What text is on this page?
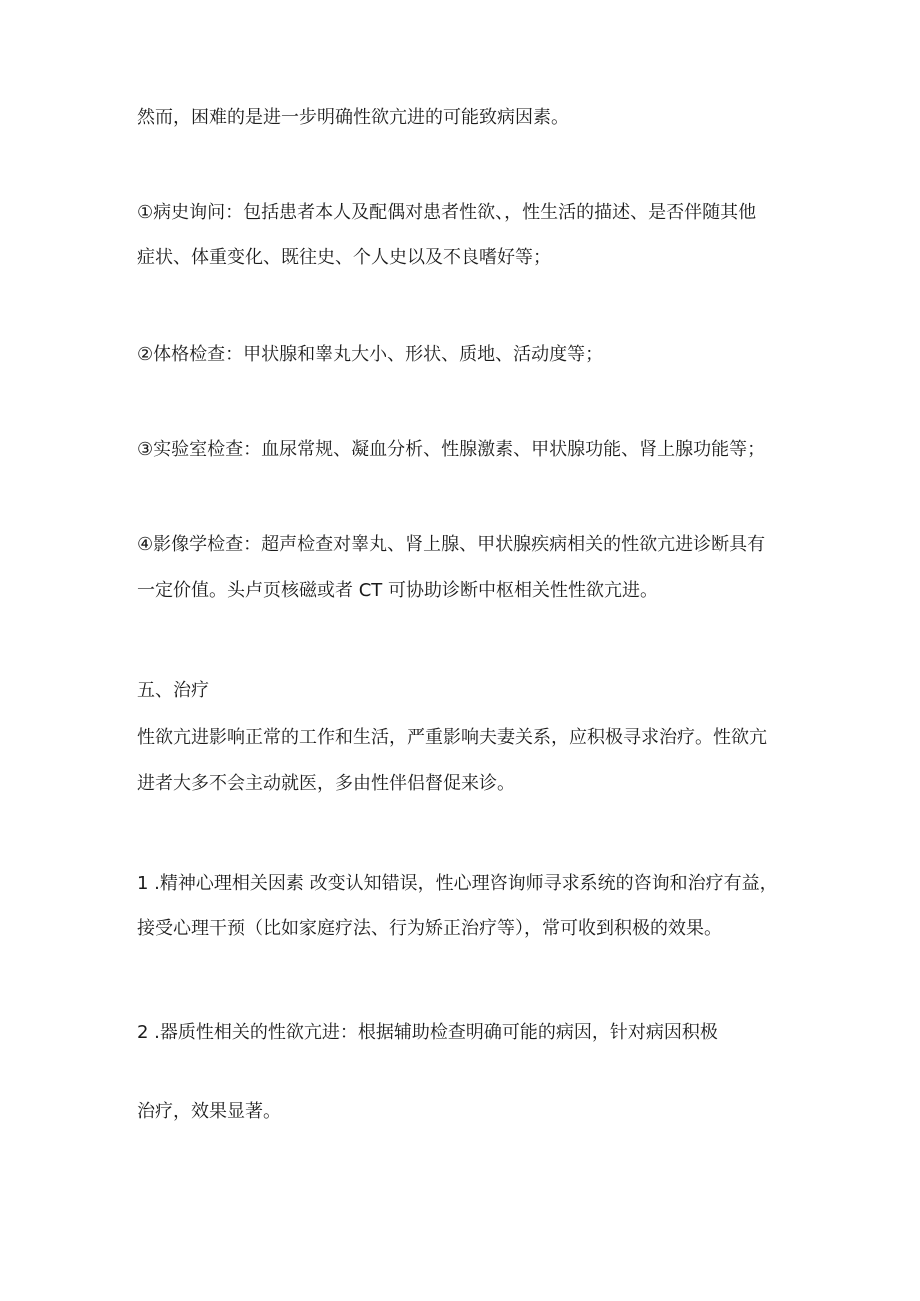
然而，困难的是进一步明确性欲亢进的可能致病因素。
①病史询问：包括患者本人及配偶对患者性欲、，性生活的描述、是否伴随其他
症状、体重变化、既往史、个人史以及不良嗜好等；
②体格检查：甲状腺和睾丸大小、形状、质地、活动度等；
③实验室检查：血尿常规、凝血分析、性腺激素、甲状腺功能、肾上腺功能等；
④影像学检查：超声检查对睾丸、肾上腺、甲状腺疾病相关的性欲亢进诊断具有
一定价值。头卢页核磁或者 CT 可协助诊断中枢相关性性欲亢进。
五、治疗
性欲亢进影响正常的工作和生活，严重影响夫妻关系，应积极寻求治疗。性欲亢
进者大多不会主动就医，多由性伴侣督促来诊。
1 .精神心理相关因素 改变认知错误，性心理咨询师寻求系统的咨询和治疗有益，
接受心理干预（比如家庭疗法、行为矫正治疗等），常可收到积极的效果。
2 .器质性相关的性欲亢进：根据辅助检查明确可能的病因，针对病因积极
治疗，效果显著。
